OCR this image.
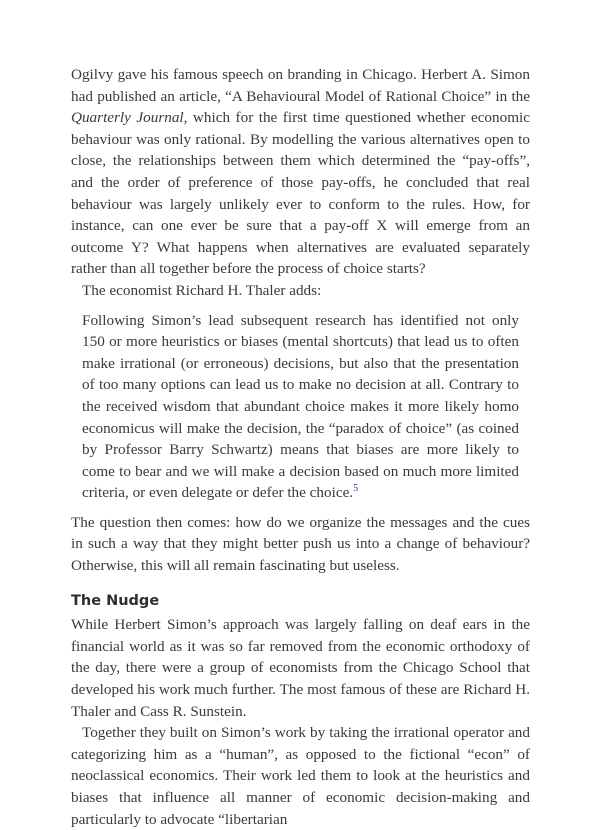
Ogilvy gave his famous speech on branding in Chicago. Herbert A. Simon had published an article, “A Behavioural Model of Rational Choice” in the Quarterly Journal, which for the first time questioned whether economic behaviour was only rational. By modelling the various alternatives open to close, the relationships between them which determined the “pay-offs”, and the order of preference of those pay-offs, he concluded that real behaviour was largely unlikely ever to conform to the rules. How, for instance, can one ever be sure that a pay-off X will emerge from an outcome Y? What happens when alternatives are evaluated separately rather than all together before the process of choice starts?

The economist Richard H. Thaler adds:

Following Simon’s lead subsequent research has identified not only 150 or more heuristics or biases (mental shortcuts) that lead us to often make irrational (or erroneous) decisions, but also that the presentation of too many options can lead us to make no decision at all. Contrary to the received wisdom that abundant choice makes it more likely homo economicus will make the decision, the “paradox of choice” (as coined by Professor Barry Schwartz) means that biases are more likely to come to bear and we will make a decision based on much more limited criteria, or even delegate or defer the choice.$^5$

The question then comes: how do we organize the messages and the cues in such a way that they might better push us into a change of behaviour? Otherwise, this will all remain fascinating but useless.

The Nudge

While Herbert Simon’s approach was largely falling on deaf ears in the financial world as it was so far removed from the economic orthodoxy of the day, there were a group of economists from the Chicago School that developed his work much further. The most famous of these are Richard H. Thaler and Cass R. Sunstein.

Together they built on Simon’s work by taking the irrational operator and categorizing him as a “human”, as opposed to the fictional “econ” of neoclassical economics. Their work led them to look at the heuristics and biases that influence all manner of economic decision-making and particularly to advocate “libertarian
